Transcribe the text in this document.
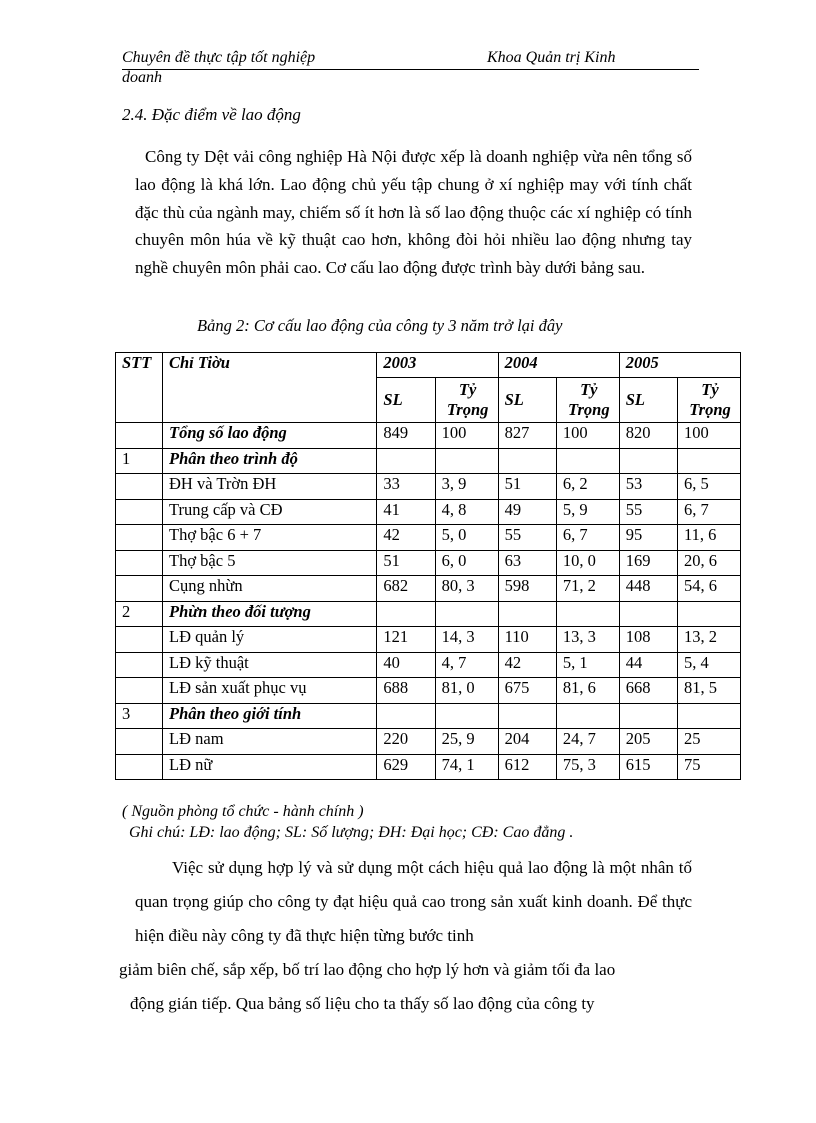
Chuyên đề thực tập tốt nghiệp	Khoa Quản trị Kinh
doanh
2.4. Đặc điểm về lao động
Công ty Dệt vải công nghiệp Hà Nội được xếp là doanh nghiệp vừa nên tổng số lao động là khá lớn. Lao động chủ yếu tập chung ở xí nghiệp may với tính chất đặc thù của ngành may, chiếm số ít hơn là số lao động thuộc các xí nghiệp có tính chuyên môn húa về kỹ thuật cao hơn, không đòi hỏi nhiều lao động nhưng tay nghề chuyên môn phải cao. Cơ cấu lao động được trình bày dưới bảng sau.
Bảng 2: Cơ cấu lao động của công ty 3 năm trở lại đây
STT	Chỉ Tiờu	2003		2004		2005	
		SL	Tỷ Trọng	SL	Tỷ Trọng	SL	Tỷ Trọng
	Tổng số lao động	849	100	827	100	820	100
1	Phân theo trình độ						
	ĐH và Trờn ĐH	33	3, 9	51	6, 2	53	6, 5
	Trung cấp và CĐ	41	4, 8	49	5, 9	55	6, 7
	Thợ bậc 6 + 7	42	5, 0	55	6, 7	95	11, 6
	Thợ bậc 5	51	6, 0	63	10, 0	169	20, 6
	Cụng nhừn	682	80, 3	598	71, 2	448	54, 6
2	Phừn theo đối tượng						
	LĐ quản lý	121	14, 3	110	13, 3	108	13, 2
	LĐ kỹ thuật	40	4, 7	42	5, 1	44	5, 4
	LĐ sản xuất phục vụ	688	81, 0	675	81, 6	668	81, 5
3	Phân theo giới tính						
	LĐ nam	220	25, 9	204	24, 7	205	25
	LĐ nữ	629	74, 1	612	75, 3	615	75
( Nguồn phòng tổ chức - hành chính )
Ghi chú: LĐ: lao động; SL: Số lượng; ĐH: Đại học; CĐ: Cao đẳng .
Việc sử dụng hợp lý và sử dụng một cách hiệu quả lao động là một nhân tố quan trọng giúp cho công ty đạt hiệu quả cao trong sản xuất kinh doanh. Để thực hiện điều này công ty đã thực hiện từng bước tinh
giảm biên chế, sắp xếp, bố trí lao động cho hợp lý hơn và giảm tối đa lao
động gián tiếp. Qua bảng số liệu cho ta thấy số lao động của công ty
